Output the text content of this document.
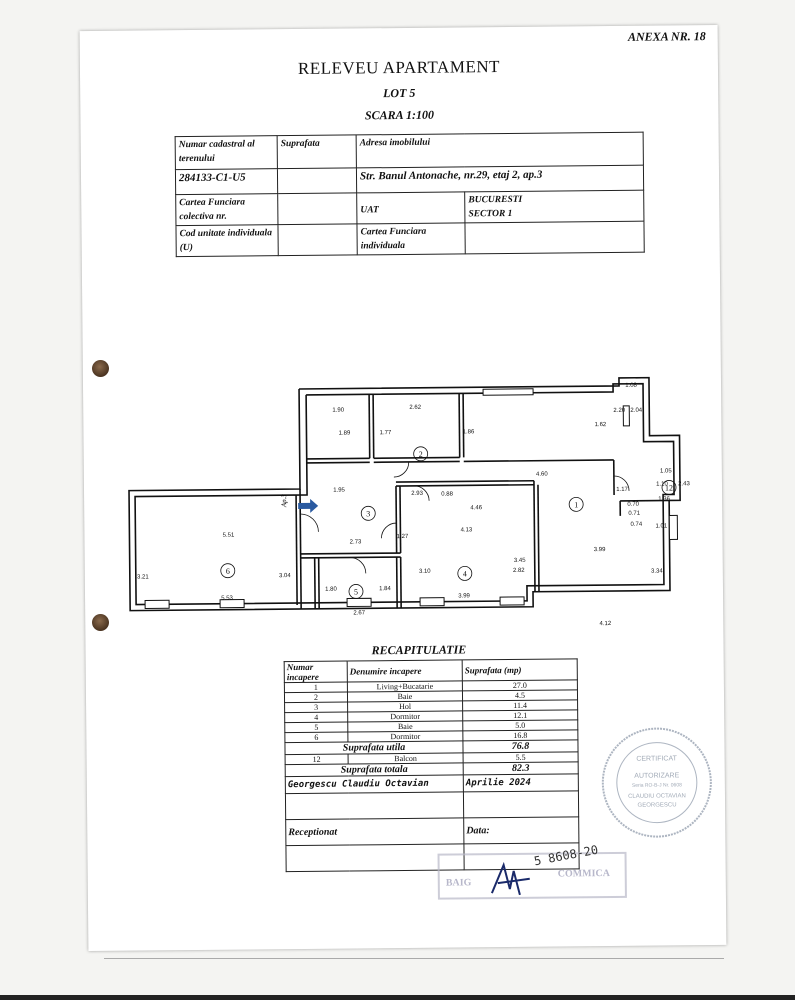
ANEXA NR. 18
RELEVEU APARTAMENT
LOT 5
SCARA 1:100
Numar cadastral al terenului	Suprafata	Adresa imobilului	
284133-C1-U5		Str. Banul Antonache, nr.29, etaj 2, ap.3	
Cartea Funciara colectiva nr.		UAT	BUCURESTI
SECTOR 1

Cod unitate individuala (U)		Cartea Funciara individuala	
1
2
3
4
5
6
12
Ap.3
1.90	2.62
1.08
1.89	1.77	1.86
1.62
2.20 2.04
4.60
1.05
1.95
2.93	0.88
4.46
1.17
0.70
1.10 2.43
1.36
0.71
0.74 1.01
5.51
2.73
1.27
4.13
3.45
3.99
3.21	3.04
3.10	2.82	3.34
1.80	1.84
5.53
2.67
3.99
4.12
RECAPITULATIE
Numar incapere	Denumire incapere	Suprafata (mp)
1	Living+Bucatarie	27.0
2	Baie	4.5
3	Hol	11.4
4	Dormitor	12.1
5	Baie	5.0
6	Dormitor	16.8
Suprafata utila		76.8
12	Balcon	5.5
Suprafata totala		82.3
Georgescu Claudiu Octavian		Aprilie 2024

Receptionat		Data:

CERTIFICAT
AUTORIZARE
Seria RO-B-J Nr. 0608
CLAUDIU OCTAVIAN
GEORGESCU
BAIG
COMMICA
5 8608-20
